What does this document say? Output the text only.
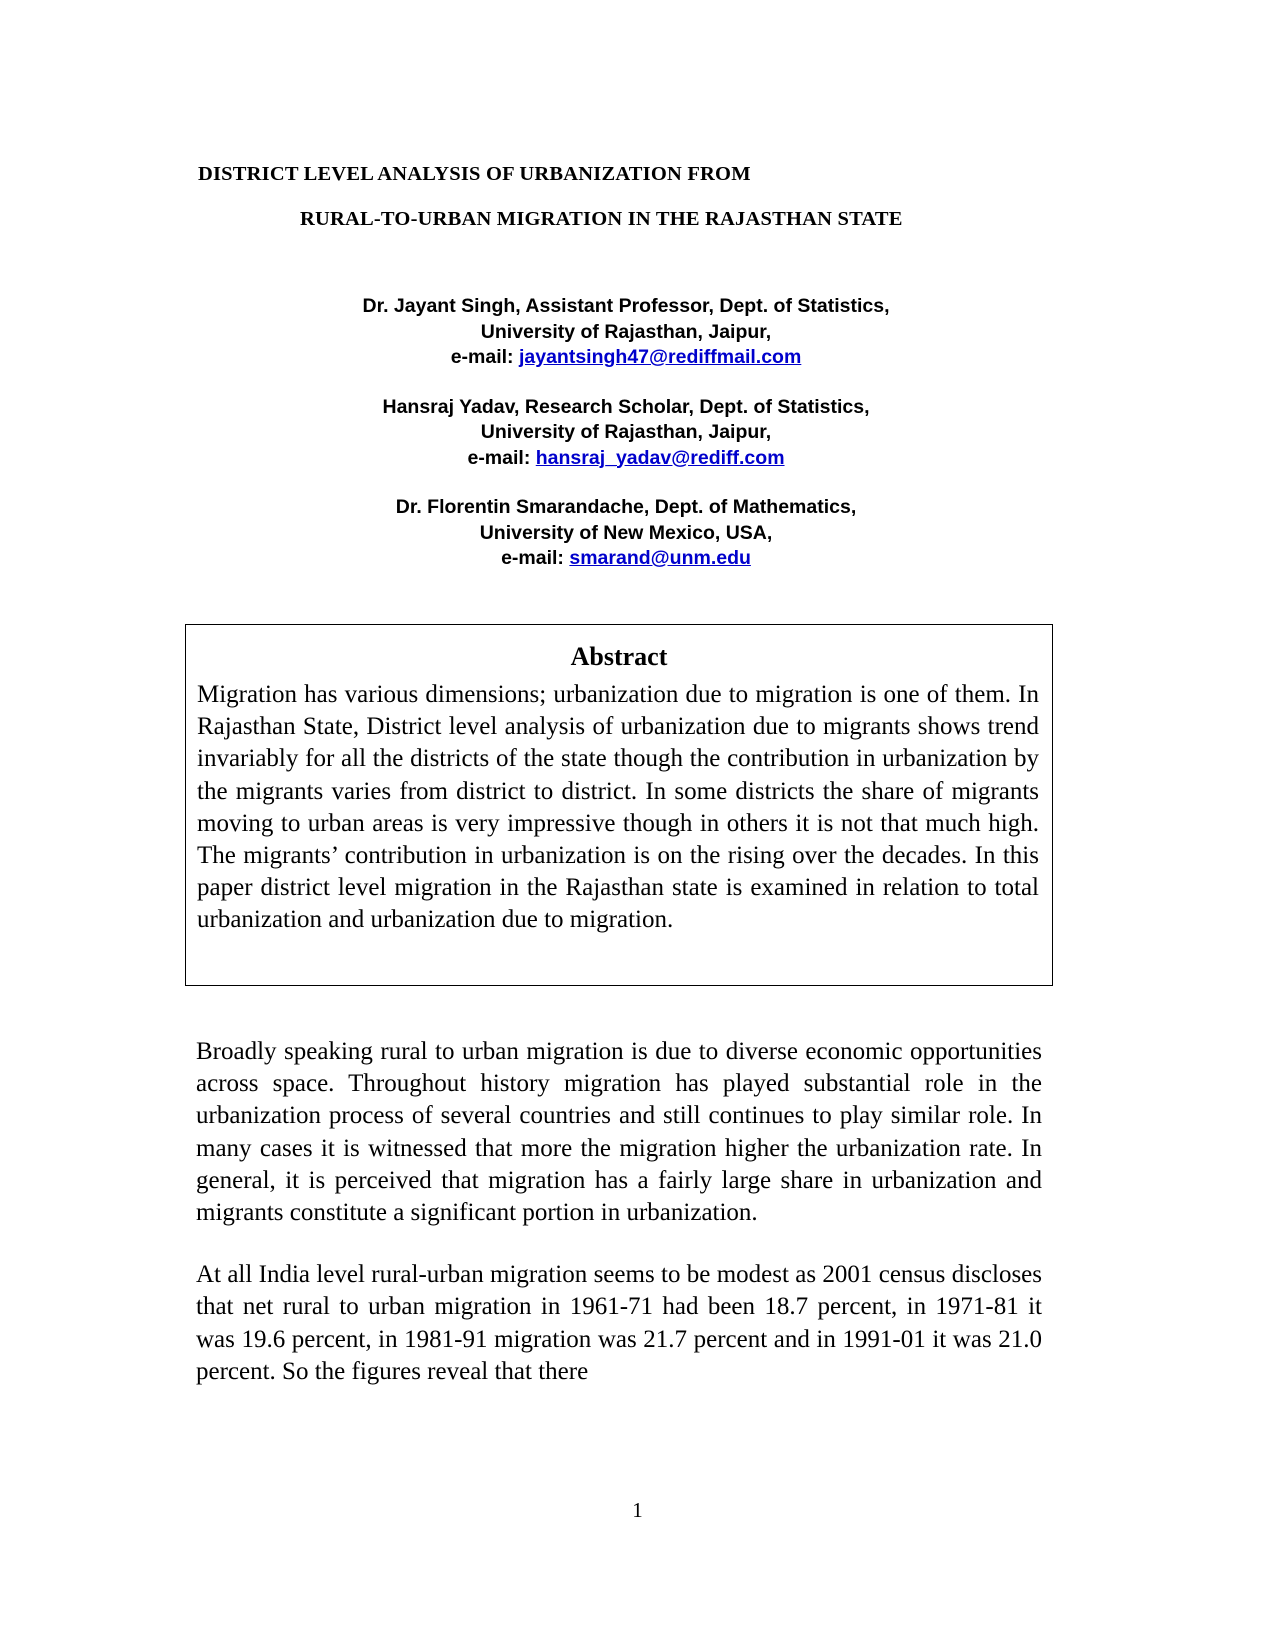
DISTRICT LEVEL ANALYSIS OF URBANIZATION FROM
RURAL-TO-URBAN MIGRATION IN THE RAJASTHAN STATE
Dr. Jayant Singh, Assistant Professor, Dept. of Statistics,
University of Rajasthan, Jaipur,
e-mail: jayantsingh47@rediffmail.com
Hansraj Yadav, Research Scholar, Dept. of Statistics,
University of Rajasthan, Jaipur,
e-mail: hansraj_yadav@rediff.com
Dr. Florentin Smarandache, Dept. of Mathematics,
University of New Mexico, USA,
e-mail: smarand@unm.edu
Abstract
Migration has various dimensions; urbanization due to migration is one of them. In Rajasthan State, District level analysis of urbanization due to migrants shows trend invariably for all the districts of the state though the contribution in urbanization by the migrants varies from district to district. In some districts the share of migrants moving to urban areas is very impressive though in others it is not that much high. The migrants’ contribution in urbanization is on the rising over the decades. In this paper district level migration in the Rajasthan state is examined in relation to total urbanization and urbanization due to migration.

Broadly speaking rural to urban migration is due to diverse economic opportunities across space. Throughout history migration has played substantial role in the urbanization process of several countries and still continues to play similar role. In many cases it is witnessed that more the migration higher the urbanization rate. In general, it is perceived that migration has a fairly large share in urbanization and migrants constitute a significant portion in urbanization.

At all India level rural-urban migration seems to be modest as 2001 census discloses that net rural to urban migration in 1961-71 had been 18.7 percent, in 1971-81 it was 19.6 percent, in 1981-91 migration was 21.7 percent and in 1991-01 it was 21.0 percent. So the figures reveal that there

1
